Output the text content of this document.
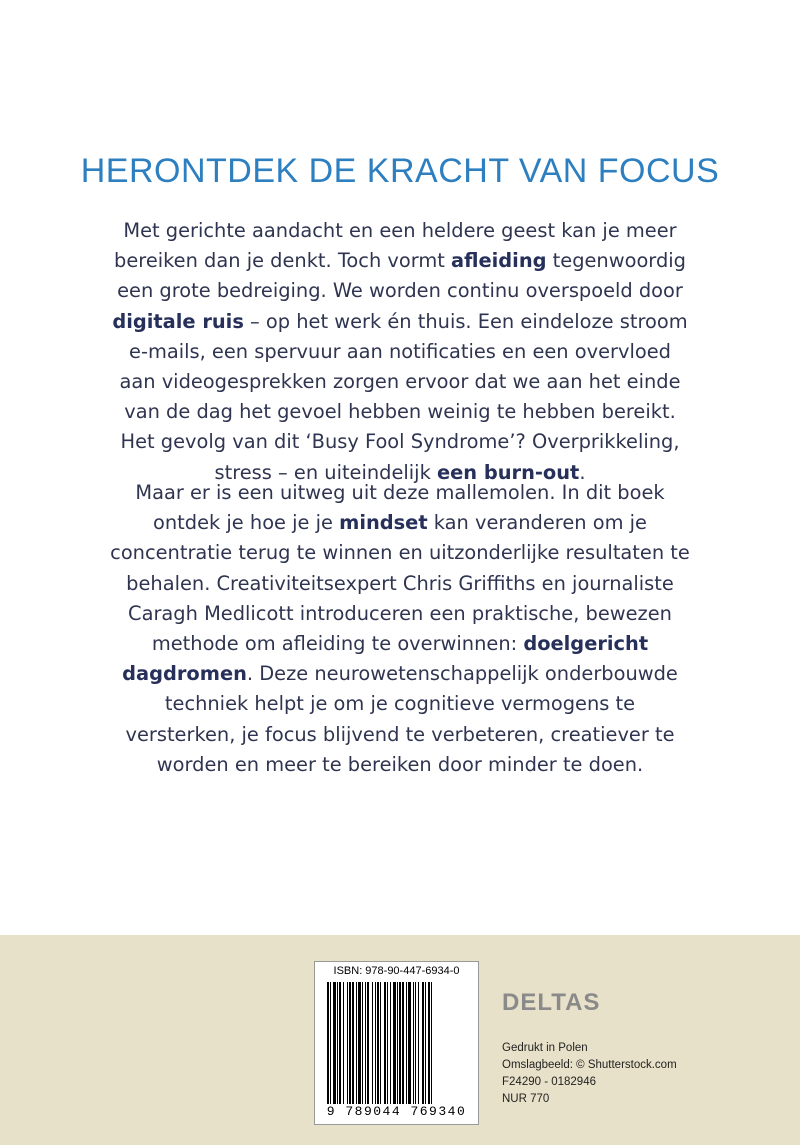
HERONTDEK DE KRACHT VAN FOCUS

Met gerichte aandacht en een heldere geest kan je meer bereiken dan je denkt. Toch vormt afleiding tegenwoordig een grote bedreiging. We worden continu overspoeld door digitale ruis – op het werk én thuis. Een eindeloze stroom e-mails, een spervuur aan notificaties en een overvloed aan videogesprekken zorgen ervoor dat we aan het einde van de dag het gevoel hebben weinig te hebben bereikt. Het gevolg van dit ‘Busy Fool Syndrome’? Overprikkeling, stress – en uiteindelijk een burn-out.

Maar er is een uitweg uit deze mallemolen. In dit boek ontdek je hoe je je mindset kan veranderen om je concentratie terug te winnen en uitzonderlijke resultaten te behalen. Creativiteitsexpert Chris Griffiths en journaliste Caragh Medlicott introduceren een praktische, bewezen methode om afleiding te overwinnen: doelgericht dagdromen. Deze neurowetenschappelijk onderbouwde techniek helpt je om je cognitieve vermogens te versterken, je focus blijvend te verbeteren, creatiever te worden en meer te bereiken door minder te doen.

ISBN: 978-90-447-6934-0
9 789044 769340
DELTAS
Gedrukt in Polen
Omslagbeeld: © Shutterstock.com
F24290 - 0182946
NUR 770
